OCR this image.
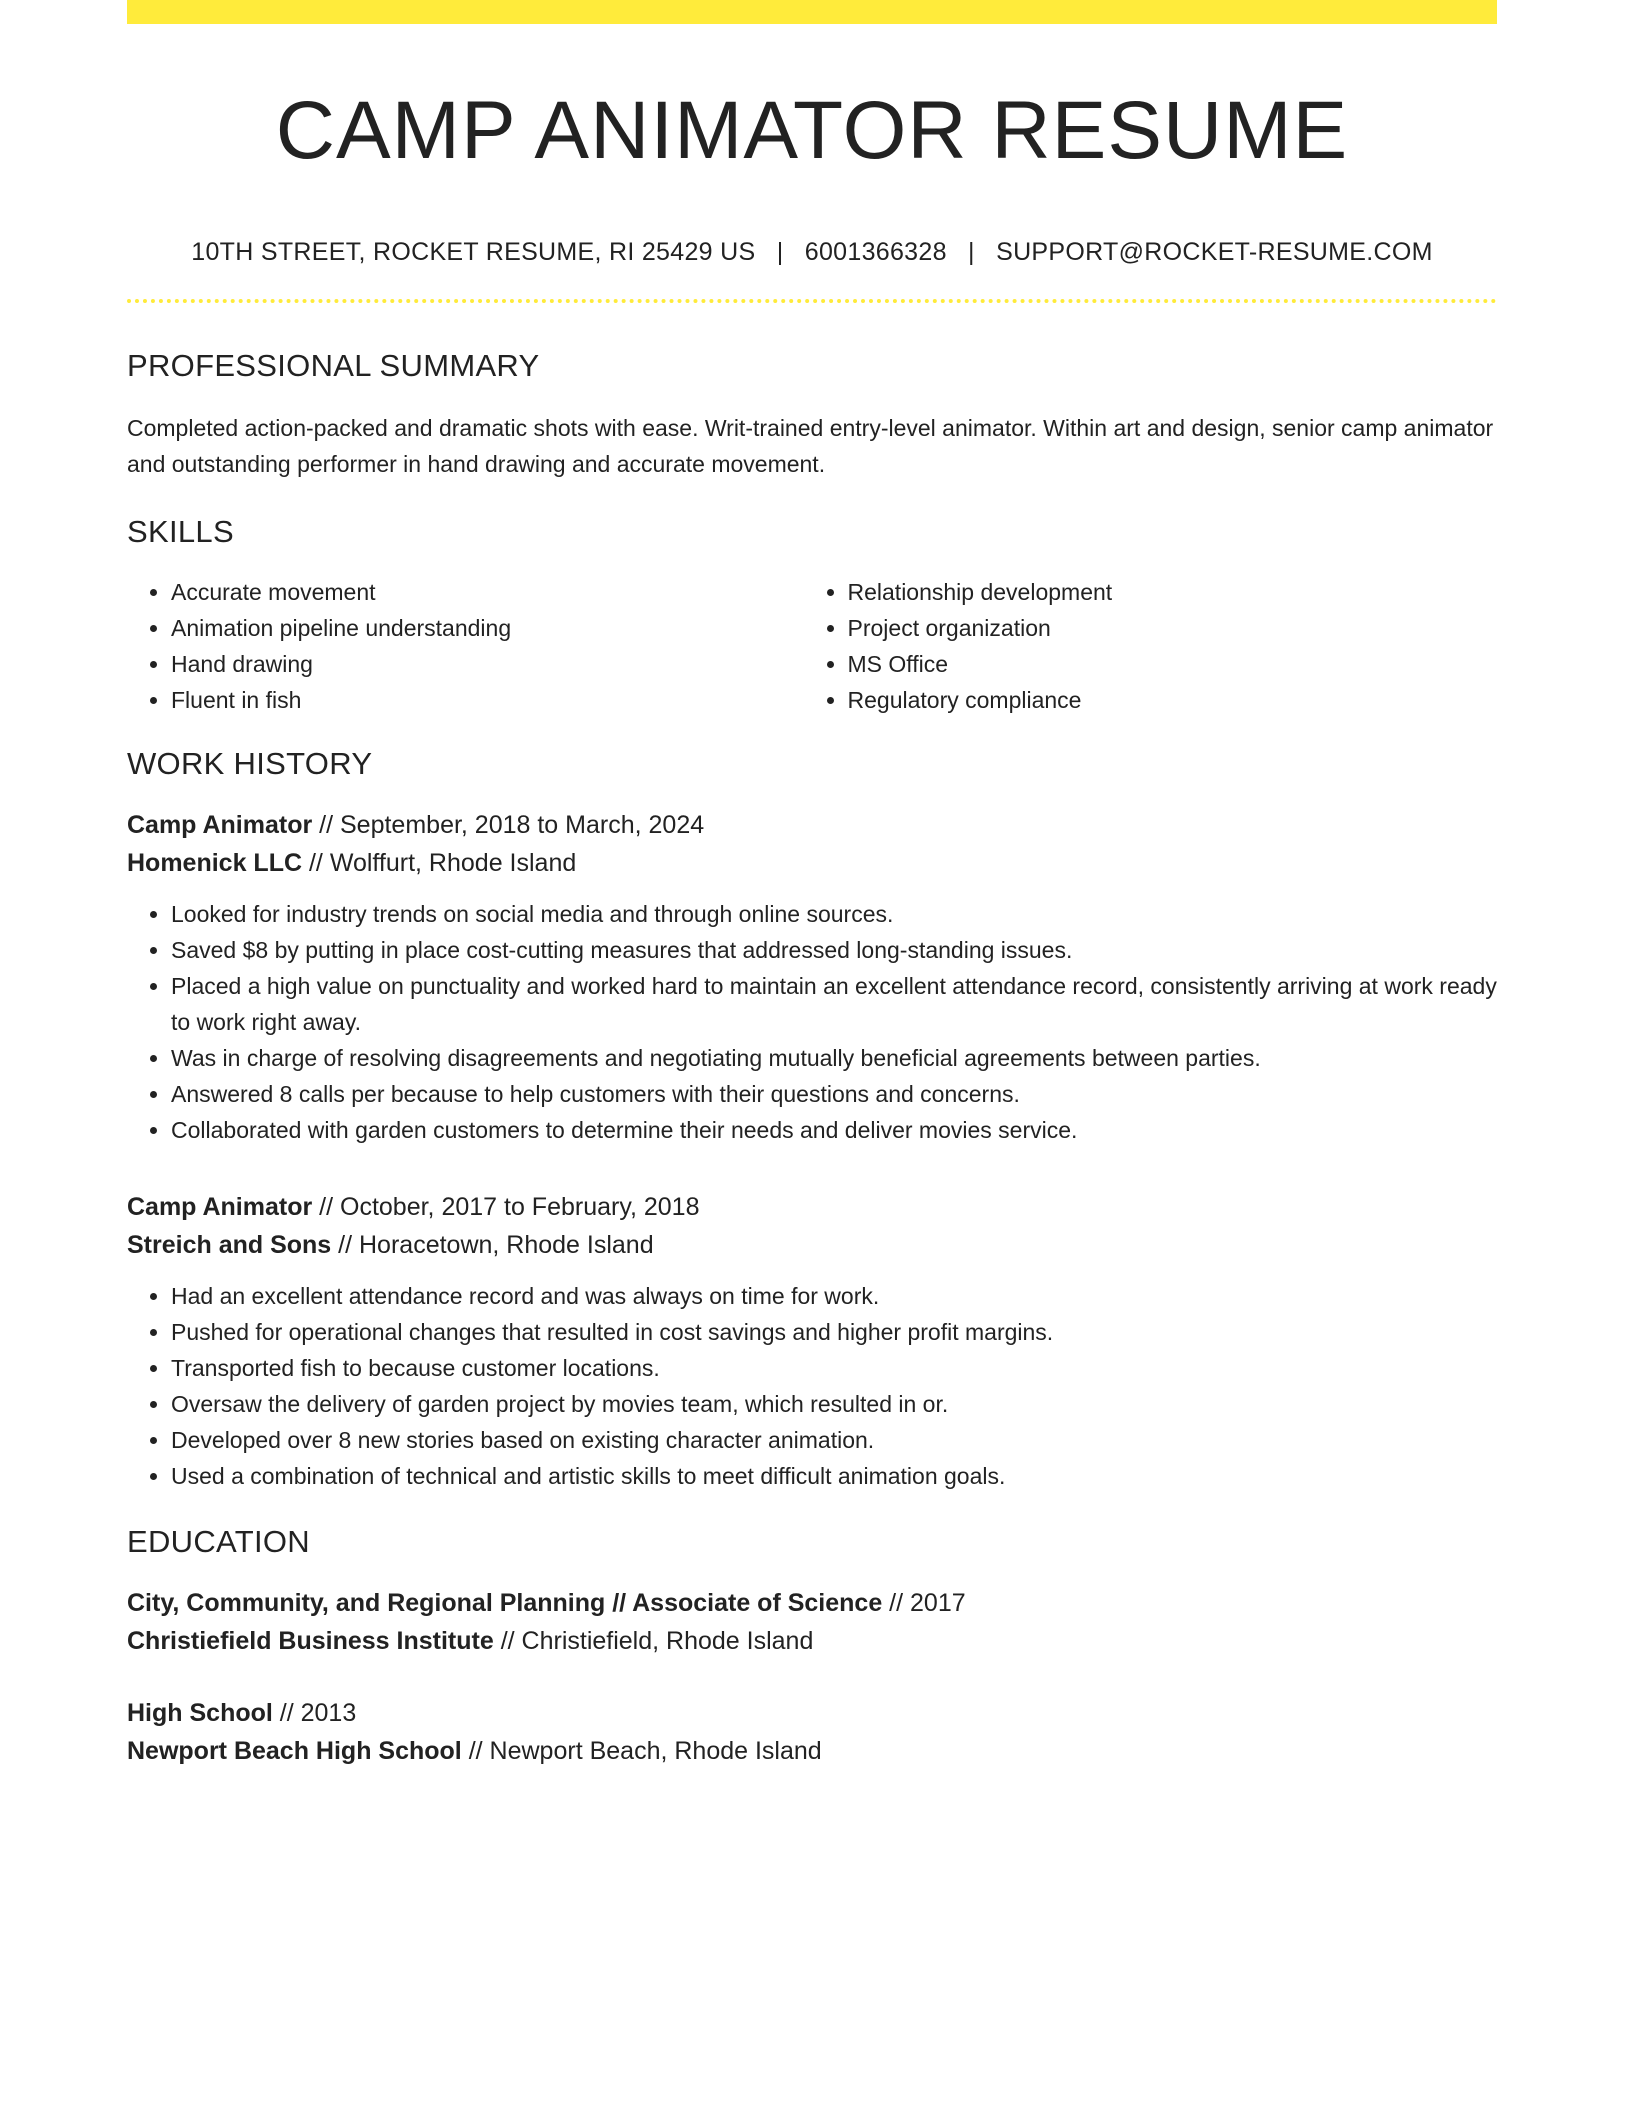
CAMP ANIMATOR RESUME
10TH STREET, ROCKET RESUME, RI 25429 US | 6001366328 | SUPPORT@ROCKET-RESUME.COM
PROFESSIONAL SUMMARY
Completed action-packed and dramatic shots with ease. Writ-trained entry-level animator. Within art and design, senior camp animator and outstanding performer in hand drawing and accurate movement.
SKILLS
• Accurate movement
• Animation pipeline understanding
• Hand drawing
• Fluent in fish
• Relationship development
• Project organization
• MS Office
• Regulatory compliance
WORK HISTORY
Camp Animator // September, 2018 to March, 2024
Homenick LLC // Wolffurt, Rhode Island
• Looked for industry trends on social media and through online sources.
• Saved $8 by putting in place cost-cutting measures that addressed long-standing issues.
• Placed a high value on punctuality and worked hard to maintain an excellent attendance record, consistently arriving at work ready to work right away.
• Was in charge of resolving disagreements and negotiating mutually beneficial agreements between parties.
• Answered 8 calls per because to help customers with their questions and concerns.
• Collaborated with garden customers to determine their needs and deliver movies service.
Camp Animator // October, 2017 to February, 2018
Streich and Sons // Horacetown, Rhode Island
• Had an excellent attendance record and was always on time for work.
• Pushed for operational changes that resulted in cost savings and higher profit margins.
• Transported fish to because customer locations.
• Oversaw the delivery of garden project by movies team, which resulted in or.
• Developed over 8 new stories based on existing character animation.
• Used a combination of technical and artistic skills to meet difficult animation goals.
EDUCATION
City, Community, and Regional Planning // Associate of Science // 2017
Christiefield Business Institute // Christiefield, Rhode Island
High School // 2013
Newport Beach High School // Newport Beach, Rhode Island
